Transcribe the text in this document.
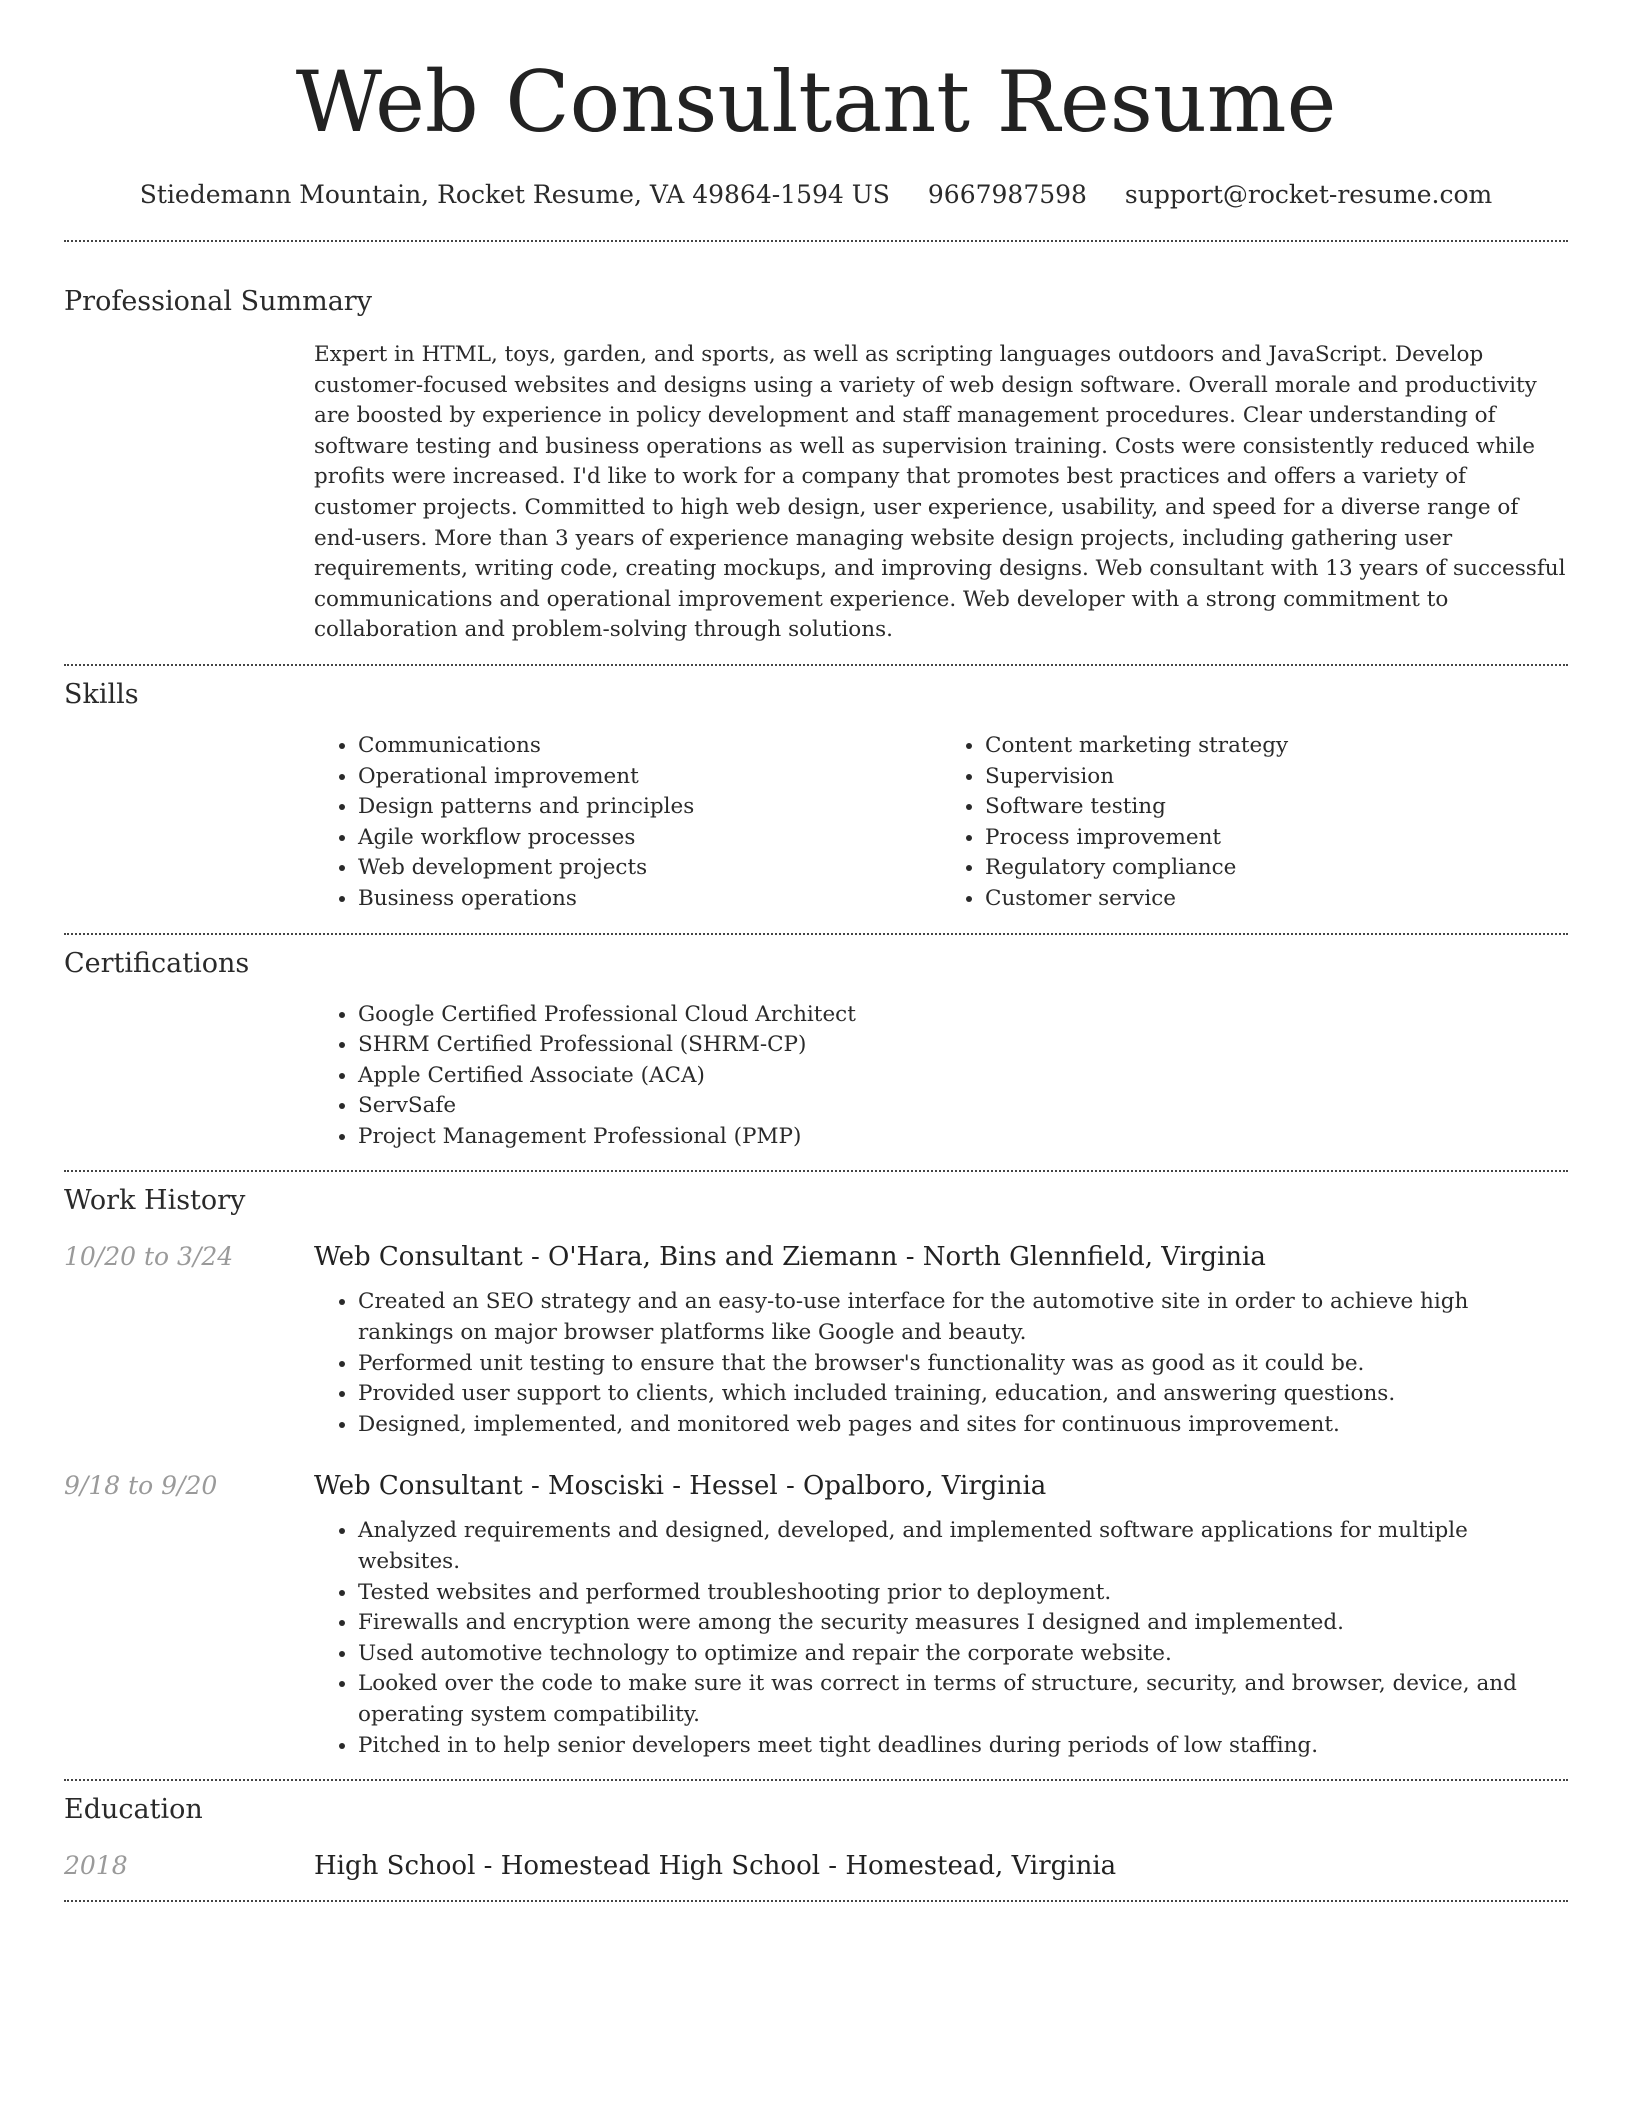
Web Consultant Resume
Stiedemann Mountain, Rocket Resume, VA 49864-1594 US 9667987598 support@rocket-resume.com
Professional Summary

Expert in HTML, toys, garden, and sports, as well as scripting languages outdoors and JavaScript. Develop customer-focused websites and designs using a variety of web design software. Overall morale and productivity are boosted by experience in policy development and staff management procedures. Clear understanding of software testing and business operations as well as supervision training. Costs were consistently reduced while profits were increased. I'd like to work for a company that promotes best practices and offers a variety of customer projects. Committed to high web design, user experience, usability, and speed for a diverse range of end-users. More than 3 years of experience managing website design projects, including gathering user requirements, writing code, creating mockups, and improving designs. Web consultant with 13 years of successful communications and operational improvement experience. Web developer with a strong commitment to collaboration and problem-solving through solutions.

Skills
• Communications
• Operational improvement
• Design patterns and principles
• Agile workflow processes
• Web development projects
• Business operations
• Content marketing strategy
• Supervision
• Software testing
• Process improvement
• Regulatory compliance
• Customer service
Certifications
• Google Certified Professional Cloud Architect
• SHRM Certified Professional (SHRM-CP)
• Apple Certified Associate (ACA)
• ServSafe
• Project Management Professional (PMP)
Work History
10/20 to 3/24	Web Consultant - O'Hara, Bins and Ziemann - North Glennfield, Virginia
• Created an SEO strategy and an easy-to-use interface for the automotive site in order to achieve high rankings on major browser platforms like Google and beauty.
• Performed unit testing to ensure that the browser's functionality was as good as it could be.
• Provided user support to clients, which included training, education, and answering questions.
• Designed, implemented, and monitored web pages and sites for continuous improvement.
9/18 to 9/20	Web Consultant - Mosciski - Hessel - Opalboro, Virginia
• Analyzed requirements and designed, developed, and implemented software applications for multiple websites.
• Tested websites and performed troubleshooting prior to deployment.
• Firewalls and encryption were among the security measures I designed and implemented.
• Used automotive technology to optimize and repair the corporate website.
• Looked over the code to make sure it was correct in terms of structure, security, and browser, device, and operating system compatibility.
• Pitched in to help senior developers meet tight deadlines during periods of low staffing.
Education
2018	High School - Homestead High School - Homestead, Virginia
